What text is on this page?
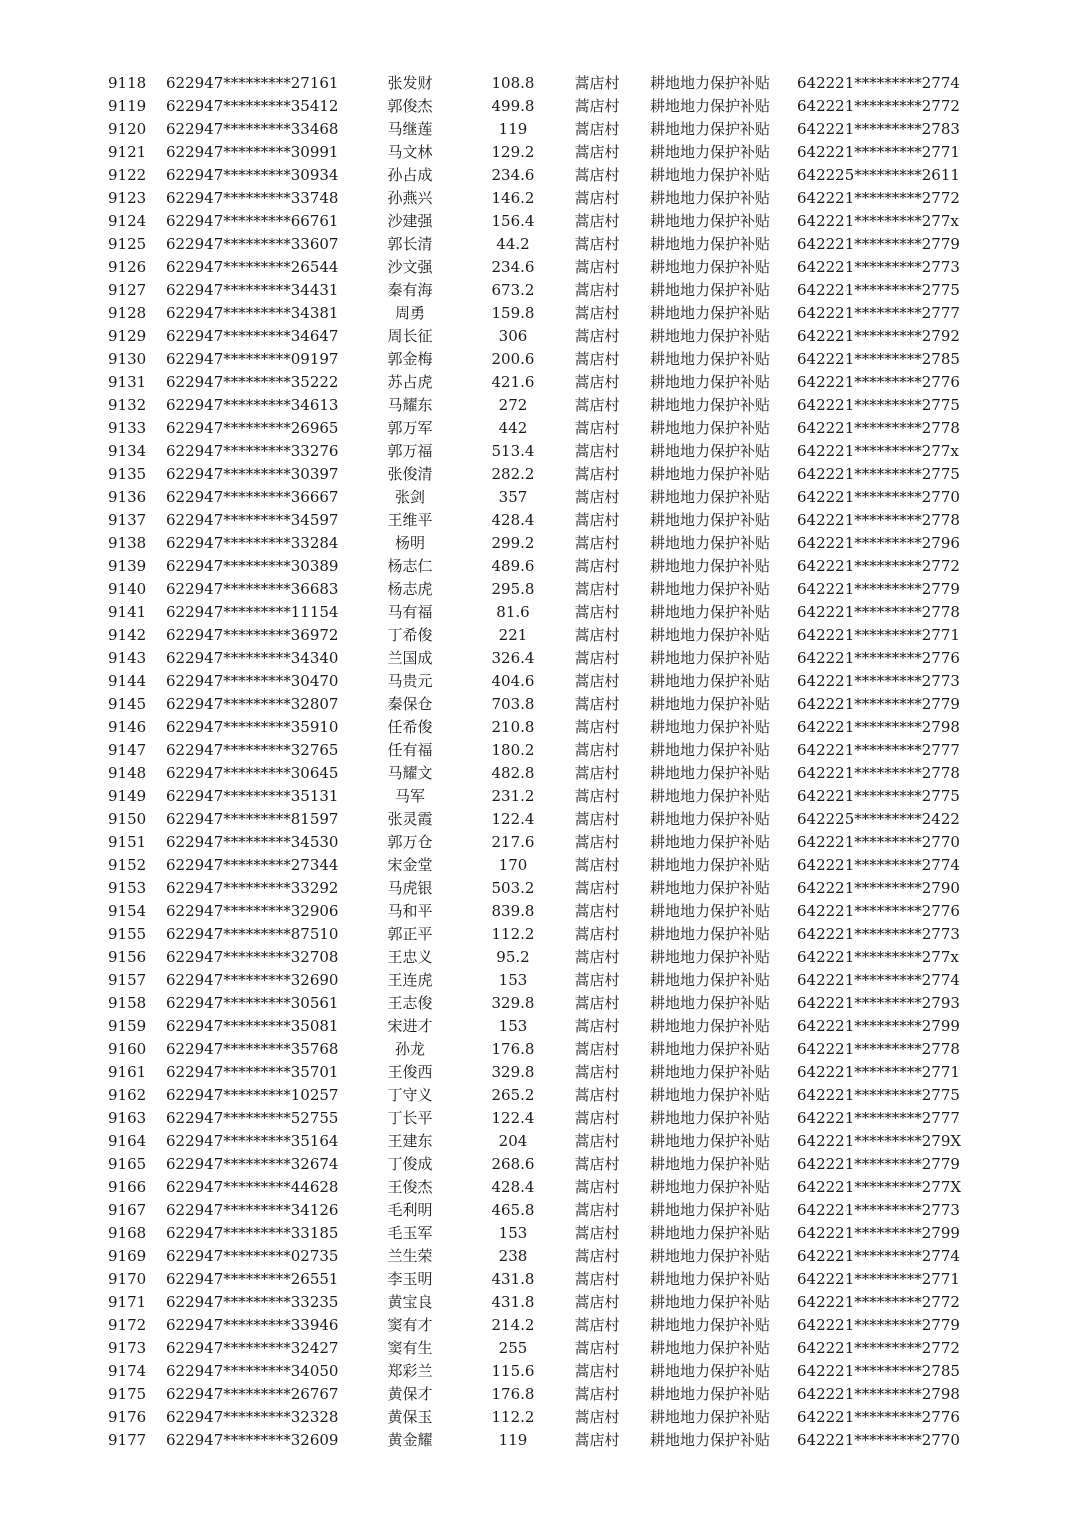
9118	622947*********27161	张发财	108.8	蒿店村	耕地地力保护补贴	642221*********2774
9119	622947*********35412	郭俊杰	499.8	蒿店村	耕地地力保护补贴	642221*********2772
9120	622947*********33468	马继莲	119	蒿店村	耕地地力保护补贴	642221*********2783
9121	622947*********30991	马文林	129.2	蒿店村	耕地地力保护补贴	642221*********2771
9122	622947*********30934	孙占成	234.6	蒿店村	耕地地力保护补贴	642225*********2611
9123	622947*********33748	孙燕兴	146.2	蒿店村	耕地地力保护补贴	642221*********2772
9124	622947*********66761	沙建强	156.4	蒿店村	耕地地力保护补贴	642221*********277x
9125	622947*********33607	郭长清	44.2	蒿店村	耕地地力保护补贴	642221*********2779
9126	622947*********26544	沙文强	234.6	蒿店村	耕地地力保护补贴	642221*********2773
9127	622947*********34431	秦有海	673.2	蒿店村	耕地地力保护补贴	642221*********2775
9128	622947*********34381	周勇	159.8	蒿店村	耕地地力保护补贴	642221*********2777
9129	622947*********34647	周长征	306	蒿店村	耕地地力保护补贴	642221*********2792
9130	622947*********09197	郭金梅	200.6	蒿店村	耕地地力保护补贴	642221*********2785
9131	622947*********35222	苏占虎	421.6	蒿店村	耕地地力保护补贴	642221*********2776
9132	622947*********34613	马耀东	272	蒿店村	耕地地力保护补贴	642221*********2775
9133	622947*********26965	郭万军	442	蒿店村	耕地地力保护补贴	642221*********2778
9134	622947*********33276	郭万福	513.4	蒿店村	耕地地力保护补贴	642221*********277x
9135	622947*********30397	张俊清	282.2	蒿店村	耕地地力保护补贴	642221*********2775
9136	622947*********36667	张剑	357	蒿店村	耕地地力保护补贴	642221*********2770
9137	622947*********34597	王维平	428.4	蒿店村	耕地地力保护补贴	642221*********2778
9138	622947*********33284	杨明	299.2	蒿店村	耕地地力保护补贴	642221*********2796
9139	622947*********30389	杨志仁	489.6	蒿店村	耕地地力保护补贴	642221*********2772
9140	622947*********36683	杨志虎	295.8	蒿店村	耕地地力保护补贴	642221*********2779
9141	622947*********11154	马有福	81.6	蒿店村	耕地地力保护补贴	642221*********2778
9142	622947*********36972	丁希俊	221	蒿店村	耕地地力保护补贴	642221*********2771
9143	622947*********34340	兰国成	326.4	蒿店村	耕地地力保护补贴	642221*********2776
9144	622947*********30470	马贵元	404.6	蒿店村	耕地地力保护补贴	642221*********2773
9145	622947*********32807	秦保仓	703.8	蒿店村	耕地地力保护补贴	642221*********2779
9146	622947*********35910	任希俊	210.8	蒿店村	耕地地力保护补贴	642221*********2798
9147	622947*********32765	任有福	180.2	蒿店村	耕地地力保护补贴	642221*********2777
9148	622947*********30645	马耀文	482.8	蒿店村	耕地地力保护补贴	642221*********2778
9149	622947*********35131	马军	231.2	蒿店村	耕地地力保护补贴	642221*********2775
9150	622947*********81597	张灵霞	122.4	蒿店村	耕地地力保护补贴	642225*********2422
9151	622947*********34530	郭万仓	217.6	蒿店村	耕地地力保护补贴	642221*********2770
9152	622947*********27344	宋金堂	170	蒿店村	耕地地力保护补贴	642221*********2774
9153	622947*********33292	马虎银	503.2	蒿店村	耕地地力保护补贴	642221*********2790
9154	622947*********32906	马和平	839.8	蒿店村	耕地地力保护补贴	642221*********2776
9155	622947*********87510	郭正平	112.2	蒿店村	耕地地力保护补贴	642221*********2773
9156	622947*********32708	王忠义	95.2	蒿店村	耕地地力保护补贴	642221*********277x
9157	622947*********32690	王连虎	153	蒿店村	耕地地力保护补贴	642221*********2774
9158	622947*********30561	王志俊	329.8	蒿店村	耕地地力保护补贴	642221*********2793
9159	622947*********35081	宋进才	153	蒿店村	耕地地力保护补贴	642221*********2799
9160	622947*********35768	孙龙	176.8	蒿店村	耕地地力保护补贴	642221*********2778
9161	622947*********35701	王俊西	329.8	蒿店村	耕地地力保护补贴	642221*********2771
9162	622947*********10257	丁守义	265.2	蒿店村	耕地地力保护补贴	642221*********2775
9163	622947*********52755	丁长平	122.4	蒿店村	耕地地力保护补贴	642221*********2777
9164	622947*********35164	王建东	204	蒿店村	耕地地力保护补贴	642221*********279X
9165	622947*********32674	丁俊成	268.6	蒿店村	耕地地力保护补贴	642221*********2779
9166	622947*********44628	王俊杰	428.4	蒿店村	耕地地力保护补贴	642221*********277X
9167	622947*********34126	毛利明	465.8	蒿店村	耕地地力保护补贴	642221*********2773
9168	622947*********33185	毛玉军	153	蒿店村	耕地地力保护补贴	642221*********2799
9169	622947*********02735	兰生荣	238	蒿店村	耕地地力保护补贴	642221*********2774
9170	622947*********26551	李玉明	431.8	蒿店村	耕地地力保护补贴	642221*********2771
9171	622947*********33235	黄宝良	431.8	蒿店村	耕地地力保护补贴	642221*********2772
9172	622947*********33946	窦有才	214.2	蒿店村	耕地地力保护补贴	642221*********2779
9173	622947*********32427	窦有生	255	蒿店村	耕地地力保护补贴	642221*********2772
9174	622947*********34050	郑彩兰	115.6	蒿店村	耕地地力保护补贴	642221*********2785
9175	622947*********26767	黄保才	176.8	蒿店村	耕地地力保护补贴	642221*********2798
9176	622947*********32328	黄保玉	112.2	蒿店村	耕地地力保护补贴	642221*********2776
9177	622947*********32609	黄金耀	119	蒿店村	耕地地力保护补贴	642221*********2770
